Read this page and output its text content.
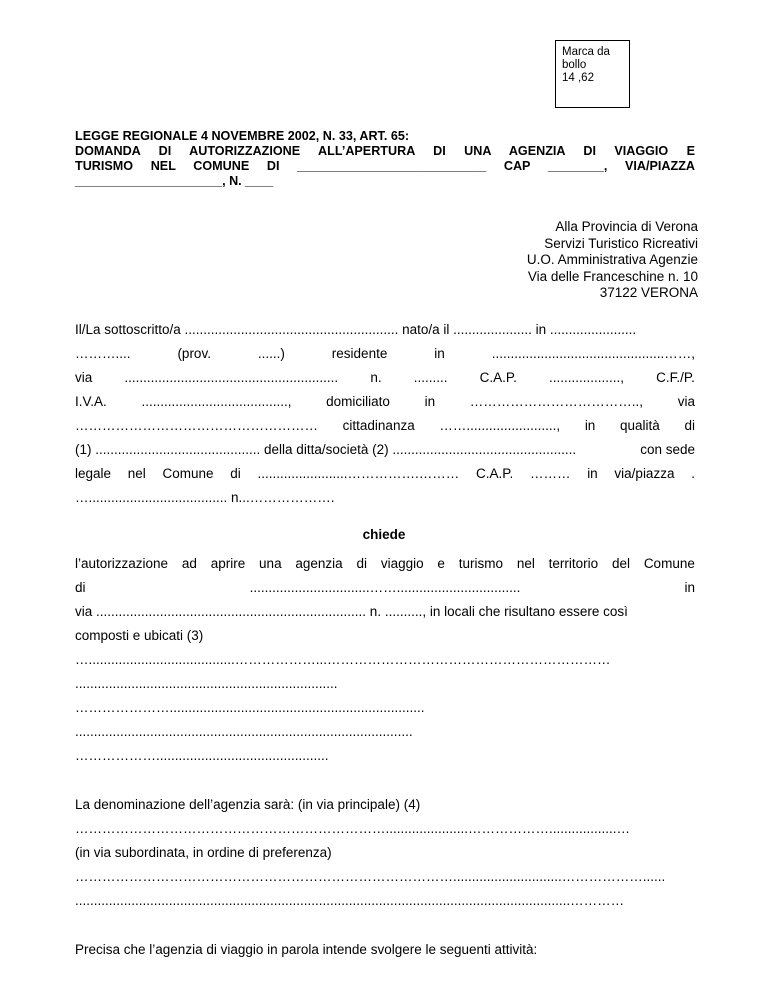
Marca da
bollo
14 ,62
LEGGE REGIONALE 4 NOVEMBRE 2002, N. 33, ART. 65:
DOMANDA DI AUTORIZZAZIONE ALL’APERTURA DI UNA AGENZIA DI VIAGGIO E
TURISMO NEL COMUNE DI ___________________________ CAP ________, VIA/PIAZZA
_____________________, N. ____
Alla Provincia di Verona
Servizi Turistico Ricreativi
U.O. Amministrativa Agenzie
Via delle Franceschine n. 10
37122 VERONA
Il/La sottoscritto/a ......................................................... nato/a il ..................... in .......................
………....	(prov.	......)	residente	in	..............................................……,
via ......................................................... n. ......... C.A.P. ..................., C.F./P.
I.V.A.	.......................................,	domiciliato	in	………………………………..,	via
……………………………………………… cittadinanza ……........................, in qualità di
(1) ............................................ della ditta/società (2) .................................................	con sede
legale nel Comune di ........................…………….……… C.A.P. ……… in via/piazza .
…..................................... n...……………….
chiede
l’autorizzazione ad aprire una agenzia di viaggio e turismo nel territorio del Comune
di	................................…….................................	in
via ........................................................................ n. .........., in locali che risultano essere così
composti e ubicati (3)
….......................................………………...………………………………………………………
......................................................................
…………………....................................................................
..........................................................................................
………………..............................................
La denominazione dell’agenzia sarà: (in via principale) (4)
……………………………………………………………......................………………..................…
(in via subordinata, in ordine di preferenza)
………………………………………………………………………….............................………………......
....................................................................................................................................…………
Precisa che l’agenzia di viaggio in parola intende svolgere le seguenti attività:
